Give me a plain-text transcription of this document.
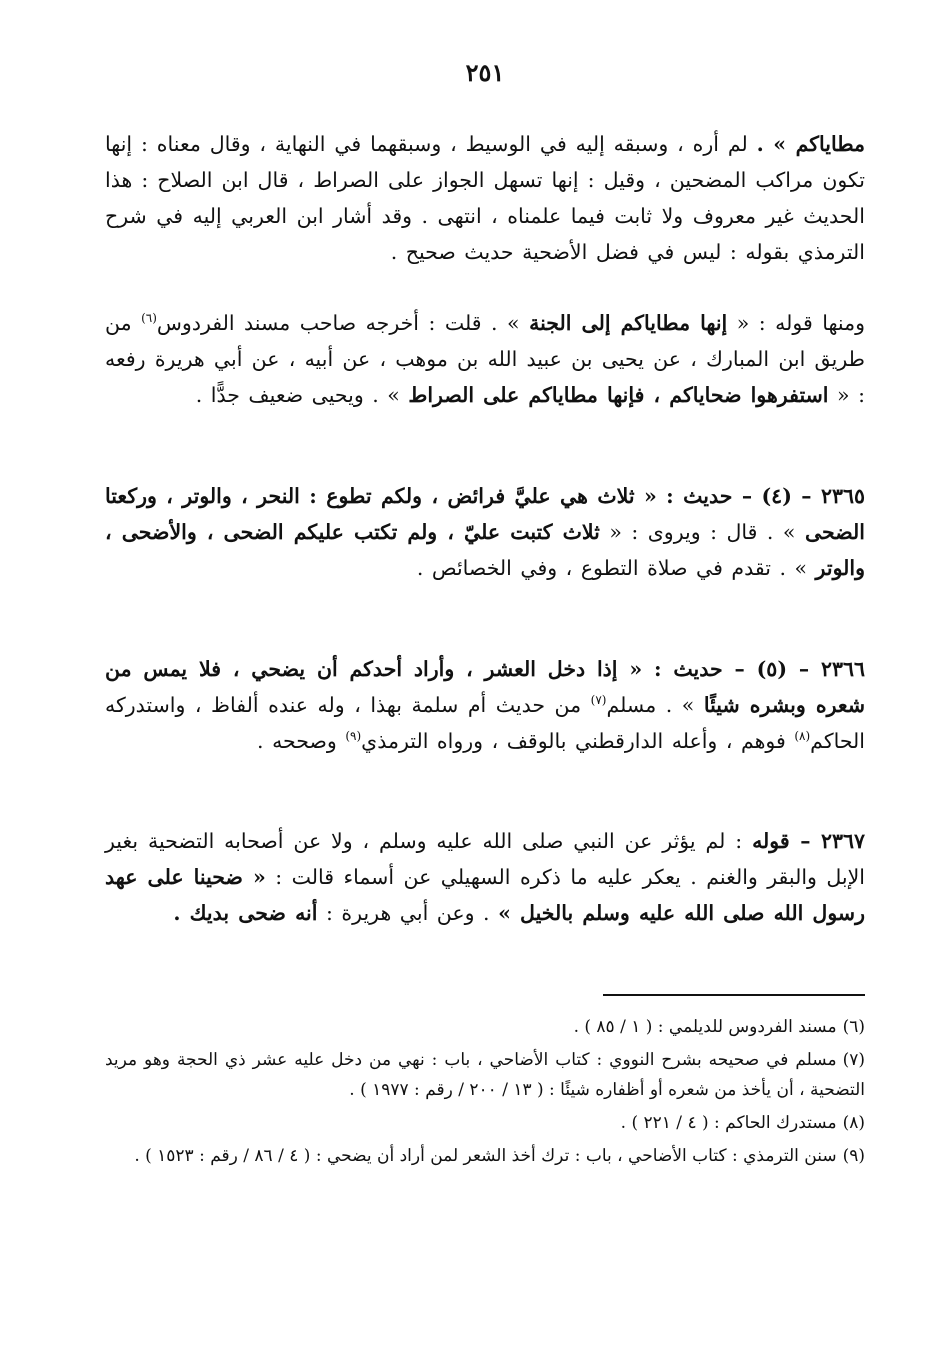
٢٥١

مطاياكم » . لم أره ، وسبقه إليه في الوسيط ، وسبقهما في النهاية ، وقال معناه : إنها تكون مراكب المضحين ، وقيل : إنها تسهل الجواز على الصراط ، قال ابن الصلاح : هذا الحديث غير معروف ولا ثابت فيما علمناه ، انتهى . وقد أشار ابن العربي إليه في شرح الترمذي بقوله : ليس في فضل الأضحية حديث صحيح .

ومنها قوله : « إنها مطاياكم إلى الجنة » . قلت : أخرجه صاحب مسند الفردوس$^{(٦)}$ من طريق ابن المبارك ، عن يحيى بن عبيد الله بن موهب ، عن أبيه ، عن أبي هريرة رفعه : « استفرهوا ضحاياكم ، فإنها مطاياكم على الصراط » . ويحيى ضعيف جدًّا .

٢٣٦٥ – (٤) – حديث : « ثلاث هي عليَّ فرائض ، ولكم تطوع : النحر ، والوتر ، وركعتا الضحى » . قال : ويروى : « ثلاث كتبت عليّ ، ولم تكتب عليكم الضحى ، والأضحى ، والوتر » . تقدم في صلاة التطوع ، وفي الخصائص .

٢٣٦٦ – (٥) – حديث : « إذا دخل العشر ، وأراد أحدكم أن يضحي ، فلا يمس من شعره وبشره شيئًا » . مسلم$^{(٧)}$ من حديث أم سلمة بهذا ، وله عنده ألفاظ ، واستدركه الحاكم$^{(٨)}$ فوهم ، وأعله الدارقطني بالوقف ، ورواه الترمذي$^{(٩)}$ وصححه .

٢٣٦٧ – قوله : لم يؤثر عن النبي صلى الله عليه وسلم ، ولا عن أصحابه التضحية بغير الإبل والبقر والغنم . يعكر عليه ما ذكره السهيلي عن أسماء قالت : « ضحينا على عهد رسول الله صلى الله عليه وسلم بالخيل » . وعن أبي هريرة : أنه ضحى بديك .

(٦)مسند الفردوس للديلمي : ( ١ / ٨٥ ) .

(٧)مسلم في صحيحه بشرح النووي : كتاب الأضاحي ، باب : نهي من دخل عليه عشر ذي الحجة وهو مريد التضحية ، أن يأخذ من شعره أو أظفاره شيئًا : ( ١٣ / ٢٠٠ / رقم : ١٩٧٧ ) .

(٨)مستدرك الحاكم : ( ٤ / ٢٢١ ) .

(٩)سنن الترمذي : كتاب الأضاحي ، باب : ترك أخذ الشعر لمن أراد أن يضحي : ( ٤ / ٨٦ / رقم : ١٥٢٣ ) .
